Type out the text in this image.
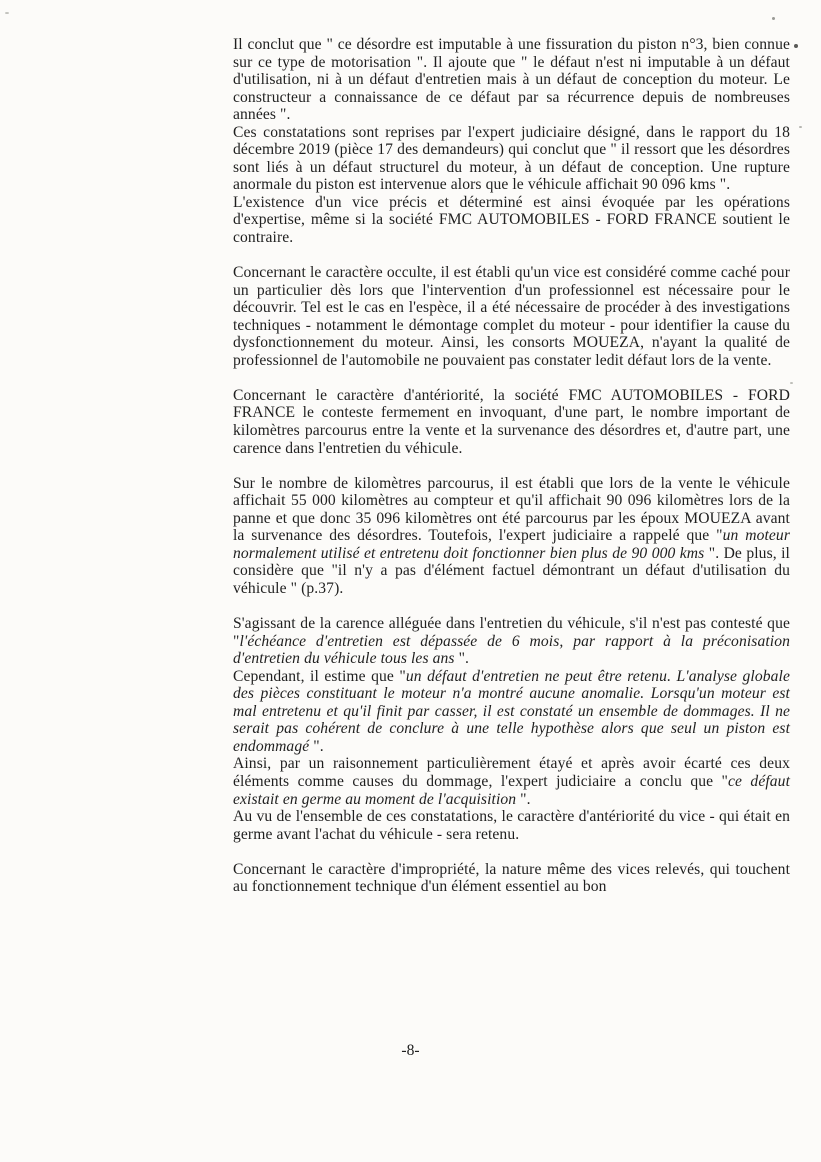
Il conclut que " ce désordre est imputable à une fissuration du piston n°3, bien connue sur ce type de motorisation ". Il ajoute que " le défaut n'est ni imputable à un défaut d'utilisation, ni à un défaut d'entretien mais à un défaut de conception du moteur. Le constructeur a connaissance de ce défaut par sa récurrence depuis de nombreuses années ".

Ces constatations sont reprises par l'expert judiciaire désigné, dans le rapport du 18 décembre 2019 (pièce 17 des demandeurs) qui conclut que " il ressort que les désordres sont liés à un défaut structurel du moteur, à un défaut de conception. Une rupture anormale du piston est intervenue alors que le véhicule affichait 90 096 kms ".

L'existence d'un vice précis et déterminé est ainsi évoquée par les opérations d'expertise, même si la société FMC AUTOMOBILES - FORD FRANCE soutient le contraire.

Concernant le caractère occulte, il est établi qu'un vice est considéré comme caché pour un particulier dès lors que l'intervention d'un professionnel est nécessaire pour le découvrir. Tel est le cas en l'espèce, il a été nécessaire de procéder à des investigations techniques - notamment le démontage complet du moteur - pour identifier la cause du dysfonctionnement du moteur. Ainsi, les consorts MOUEZA, n'ayant la qualité de professionnel de l'automobile ne pouvaient pas constater ledit défaut lors de la vente.

Concernant le caractère d'antériorité, la société FMC AUTOMOBILES - FORD FRANCE le conteste fermement en invoquant, d'une part, le nombre important de kilomètres parcourus entre la vente et la survenance des désordres et, d'autre part, une carence dans l'entretien du véhicule.

Sur le nombre de kilomètres parcourus, il est établi que lors de la vente le véhicule affichait 55 000 kilomètres au compteur et qu'il affichait 90 096 kilomètres lors de la panne et que donc 35 096 kilomètres ont été parcourus par les époux MOUEZA avant la survenance des désordres. Toutefois, l'expert judiciaire a rappelé que "un moteur normalement utilisé et entretenu doit fonctionner bien plus de 90 000 kms ". De plus, il considère que "il n'y a pas d'élément factuel démontrant un défaut d'utilisation du véhicule " (p.37).

S'agissant de la carence alléguée dans l'entretien du véhicule, s'il n'est pas contesté que "l'échéance d'entretien est dépassée de 6 mois, par rapport à la préconisation d'entretien du véhicule tous les ans ".

Cependant, il estime que "un défaut d'entretien ne peut être retenu. L'analyse globale des pièces constituant le moteur n'a montré aucune anomalie. Lorsqu'un moteur est mal entretenu et qu'il finit par casser, il est constaté un ensemble de dommages. Il ne serait pas cohérent de conclure à une telle hypothèse alors que seul un piston est endommagé ".

Ainsi, par un raisonnement particulièrement étayé et après avoir écarté ces deux éléments comme causes du dommage, l'expert judiciaire a conclu que "ce défaut existait en germe au moment de l'acquisition ".

Au vu de l'ensemble de ces constatations, le caractère d'antériorité du vice - qui était en germe avant l'achat du véhicule - sera retenu.

Concernant le caractère d'impropriété, la nature même des vices relevés, qui touchent au fonctionnement technique d'un élément essentiel au bon

-8-
